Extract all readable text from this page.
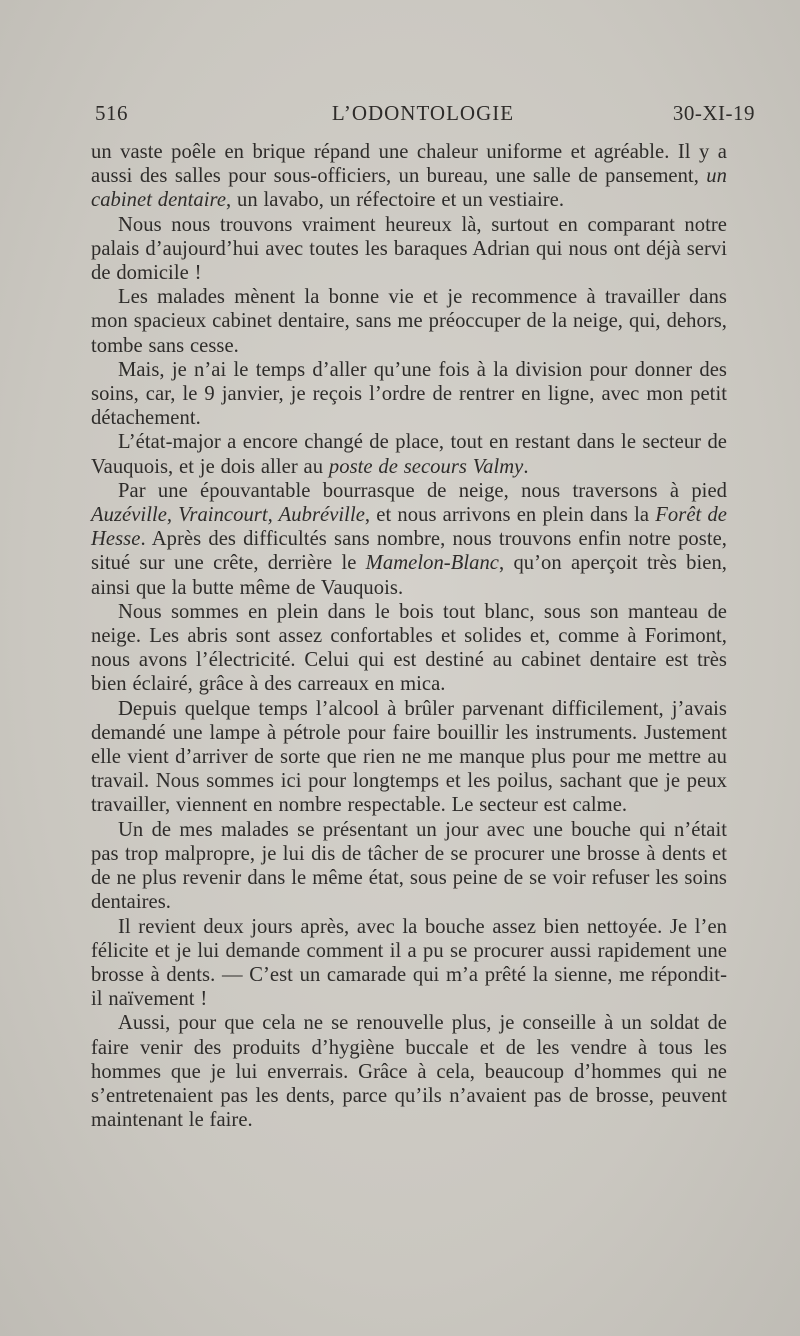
516	L’ODONTOLOGIE	30-XI-19

un vaste poêle en brique répand une chaleur uniforme et agréable. Il y a aussi des salles pour sous-officiers, un bureau, une salle de pansement, un cabinet dentaire, un lavabo, un réfectoire et un vestiaire.

Nous nous trouvons vraiment heureux là, surtout en comparant notre palais d’aujourd’hui avec toutes les baraques Adrian qui nous ont déjà servi de domicile !

Les malades mènent la bonne vie et je recommence à travailler dans mon spacieux cabinet dentaire, sans me préoccuper de la neige, qui, dehors, tombe sans cesse.

Mais, je n’ai le temps d’aller qu’une fois à la division pour donner des soins, car, le 9 janvier, je reçois l’ordre de rentrer en ligne, avec mon petit détachement.

L’état-major a encore changé de place, tout en restant dans le secteur de Vauquois, et je dois aller au poste de secours Valmy.

Par une épouvantable bourrasque de neige, nous traversons à pied Auzéville, Vraincourt, Aubréville, et nous arrivons en plein dans la Forêt de Hesse. Après des difficultés sans nombre, nous trouvons enfin notre poste, situé sur une crête, derrière le Mamelon-Blanc, qu’on aperçoit très bien, ainsi que la butte même de Vauquois.

Nous sommes en plein dans le bois tout blanc, sous son manteau de neige. Les abris sont assez confortables et solides et, comme à Forimont, nous avons l’électricité. Celui qui est destiné au cabinet dentaire est très bien éclairé, grâce à des carreaux en mica.

Depuis quelque temps l’alcool à brûler parvenant difficilement, j’avais demandé une lampe à pétrole pour faire bouillir les instruments. Justement elle vient d’arriver de sorte que rien ne me manque plus pour me mettre au travail. Nous sommes ici pour longtemps et les poilus, sachant que je peux travailler, viennent en nombre respectable. Le secteur est calme.

Un de mes malades se présentant un jour avec une bouche qui n’était pas trop malpropre, je lui dis de tâcher de se procurer une brosse à dents et de ne plus revenir dans le même état, sous peine de se voir refuser les soins dentaires.

Il revient deux jours après, avec la bouche assez bien nettoyée. Je l’en félicite et je lui demande comment il a pu se procurer aussi rapidement une brosse à dents. — C’est un camarade qui m’a prêté la sienne, me répondit-il naïvement !

Aussi, pour que cela ne se renouvelle plus, je conseille à un soldat de faire venir des produits d’hygiène buccale et de les vendre à tous les hommes que je lui enverrais. Grâce à cela, beaucoup d’hommes qui ne s’entretenaient pas les dents, parce qu’ils n’avaient pas de brosse, peuvent maintenant le faire.
